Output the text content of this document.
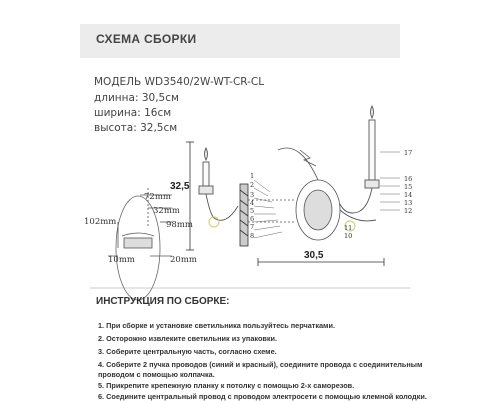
СХЕМА СБОРКИ
МОДЕЛЬ WD3540/2W-WT-CR-CL
длинна: 30,5см
ширина: 16см
высота: 32,5см
72mm
32mm
98mm
102mm
10mm	20mm
32,5
30,5
1
2
3
4
5
6
7
8
17
16
15
14
13
12
11
10
ИНСТРУКЦИЯ ПО СБОРКЕ:
1. При сборке и установке светильника пользуйтесь перчатками.
2. Осторожно извлеките светильник из упаковки.
3. Соберите центральную часть, согласно схеме.
4. Соберите 2 пучка проводов (синий и красный), соедините провода с соединительным
проводом с помощью колпачка.
5. Прикрепите крепежную планку к потолку с помощью 2-х саморезов.
6. Соедините центральный провод с проводом электросети с помощью клемной колодки.
